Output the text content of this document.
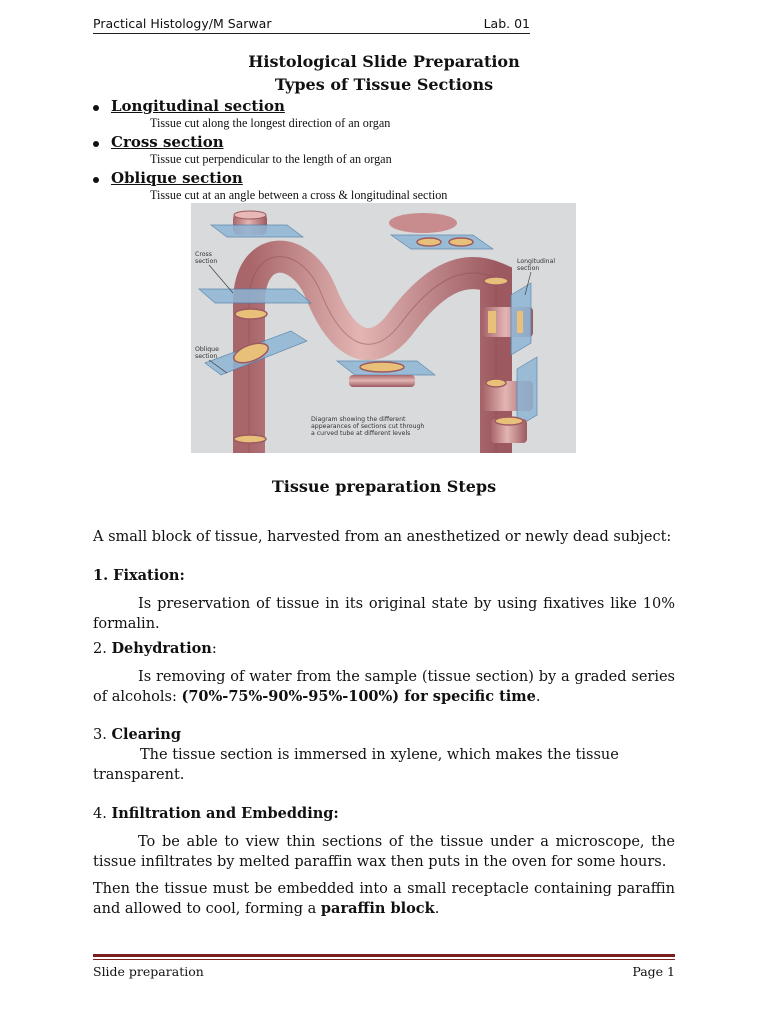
Practical Histology/M Sarwar	Lab. 01
Histological Slide Preparation
Types of Tissue Sections
Longitudinal section
Tissue cut along the longest direction of an organ
Cross section
Tissue cut perpendicular to the length of an organ
Oblique section
Tissue cut at an angle between a cross & longitudinal section
Cross
section
Oblique
section
Longitudinal
section
Diagram showing the different
appearances of sections cut through
a curved tube at different levels
Tissue preparation Steps

A small block of tissue, harvested from an anesthetized or newly dead subject:

1. Fixation:

Is preservation of tissue in its original state by using fixatives like 10% formalin.

2. Dehydration:

Is removing of water from the sample (tissue section) by a graded series of alcohols: (70%-75%-90%-95%-100%) for specific time.

3. Clearing

The tissue section is immersed in xylene, which makes the tissue transparent.

4. Infiltration and Embedding:

To be able to view thin sections of the tissue under a microscope, the tissue infiltrates by melted paraffin wax then puts in the oven for some hours.

Then the tissue must be embedded into a small receptacle containing paraffin and allowed to cool, forming a paraffin block.

Slide preparation	Page 1
